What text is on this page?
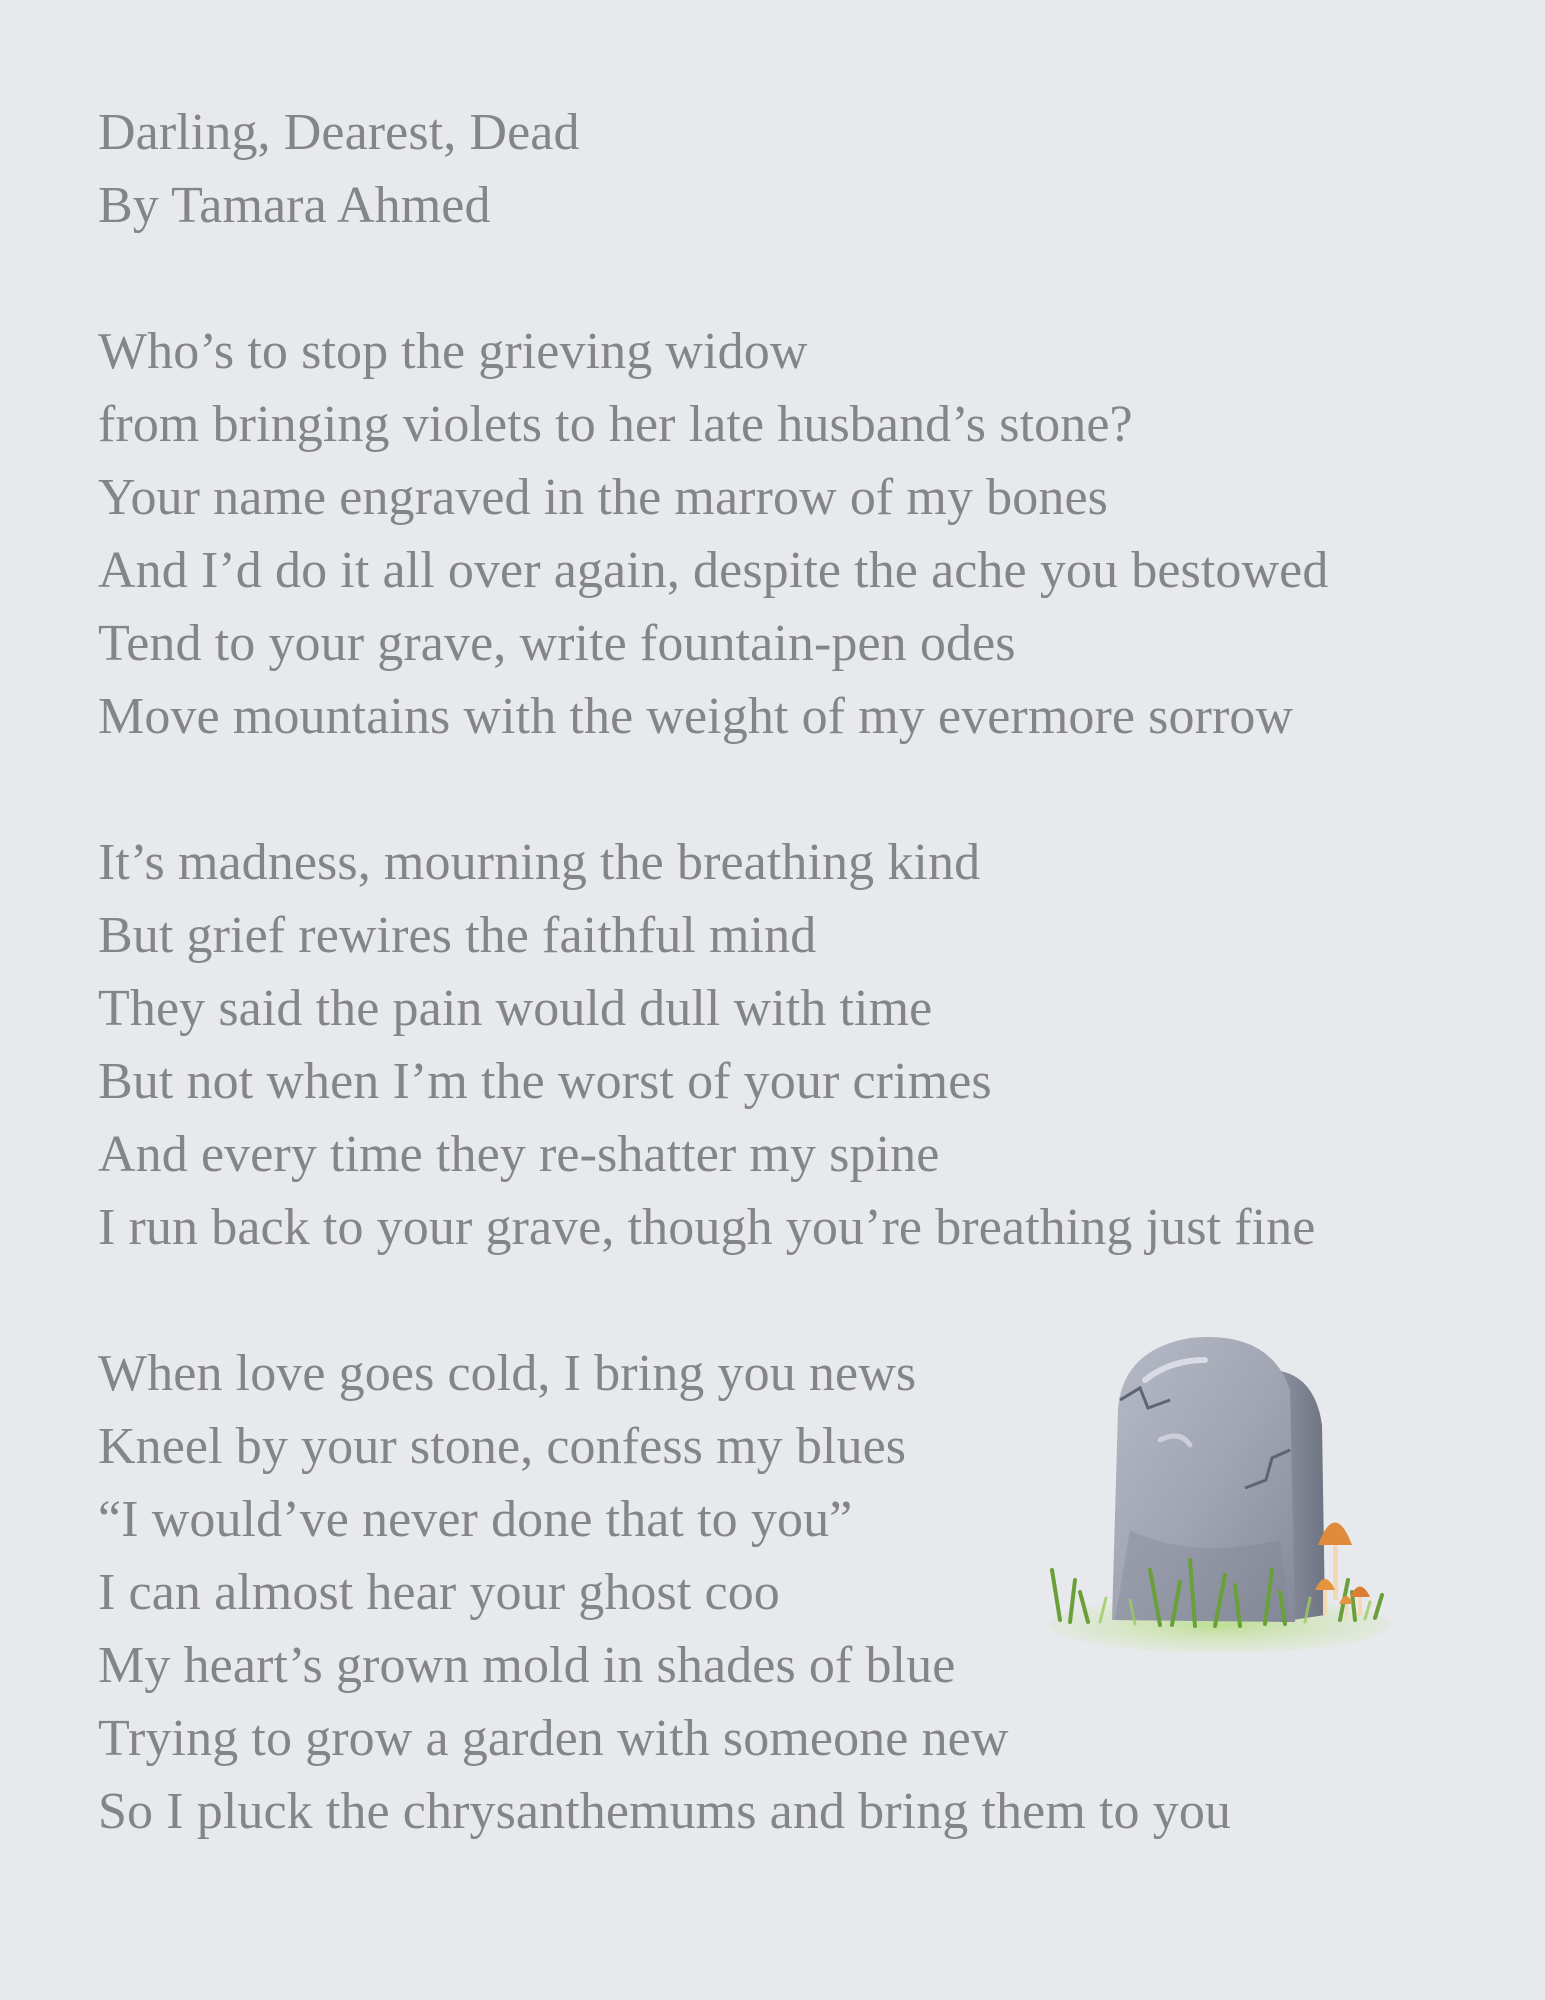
Darling, Dearest, Dead
By Tamara Ahmed
Who’s to stop the grieving widow
from bringing violets to her late husband’s stone?
Your name engraved in the marrow of my bones
And I’d do it all over again, despite the ache you bestowed
Tend to your grave, write fountain-pen odes
Move mountains with the weight of my evermore sorrow
It’s madness, mourning the breathing kind
But grief rewires the faithful mind
They said the pain would dull with time
But not when I’m the worst of your crimes
And every time they re-shatter my spine
I run back to your grave, though you’re breathing just fine
When love goes cold, I bring you news
Kneel by your stone, confess my blues
“I would’ve never done that to you”
I can almost hear your ghost coo
My heart’s grown mold in shades of blue
Trying to grow a garden with someone new
So I pluck the chrysanthemums and bring them to you
